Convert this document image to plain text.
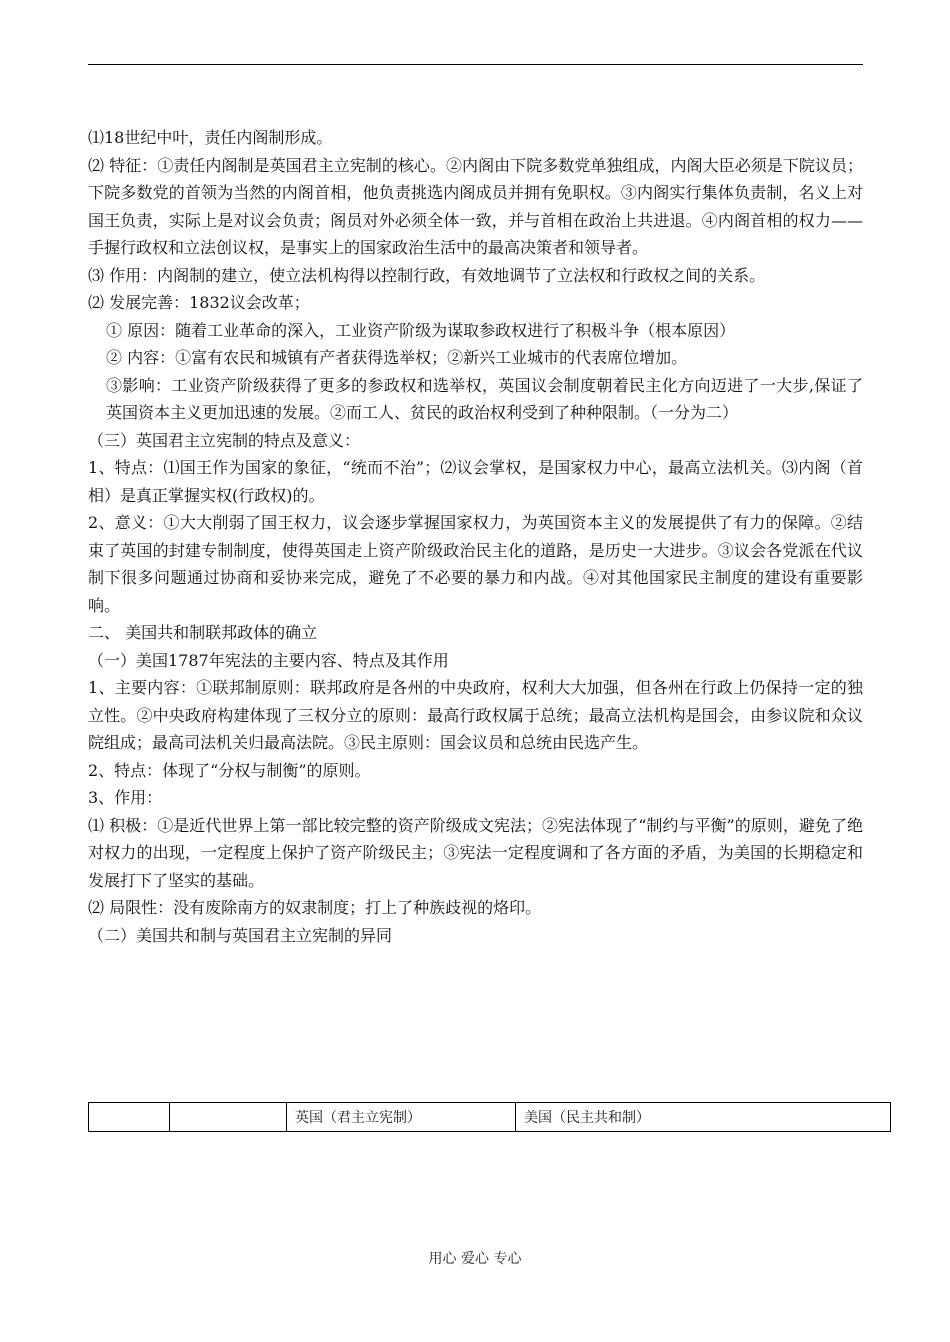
⑴18世纪中叶，责任内阁制形成。

⑵ 特征：①责任内阁制是英国君主立宪制的核心。②内阁由下院多数党单独组成，内阁大臣必须是下院议员；下院多数党的首领为当然的内阁首相，他负责挑选内阁成员并拥有免职权。③内阁实行集体负责制，名义上对国王负责，实际上是对议会负责；阁员对外必须全体一致，并与首相在政治上共进退。④内阁首相的权力——手握行政权和立法创议权，是事实上的国家政治生活中的最高决策者和领导者。

⑶ 作用：内阁制的建立，使立法机构得以控制行政，有效地调节了立法权和行政权之间的关系。

⑵ 发展完善：1832议会改革；

① 原因：随着工业革命的深入，工业资产阶级为谋取参政权进行了积极斗争（根本原因）

② 内容：①富有农民和城镇有产者获得选举权；②新兴工业城市的代表席位增加。

③影响：工业资产阶级获得了更多的参政权和选举权，英国议会制度朝着民主化方向迈进了一大步,保证了英国资本主义更加迅速的发展。②而工人、贫民的政治权利受到了种种限制。（一分为二）

（三）英国君主立宪制的特点及意义：

1、特点：⑴国王作为国家的象征，“统而不治”；⑵议会掌权，是国家权力中心，最高立法机关。⑶内阁（首相）是真正掌握实权(行政权)的。

2、意义：①大大削弱了国王权力，议会逐步掌握国家权力，为英国资本主义的发展提供了有力的保障。②结束了英国的封建专制制度，使得英国走上资产阶级政治民主化的道路，是历史一大进步。③议会各党派在代议制下很多问题通过协商和妥协来完成，避免了不必要的暴力和内战。④对其他国家民主制度的建设有重要影响。

二、 美国共和制联邦政体的确立

（一）美国1787年宪法的主要内容、特点及其作用

1、主要内容：①联邦制原则：联邦政府是各州的中央政府，权利大大加强，但各州在行政上仍保持一定的独立性。②中央政府构建体现了三权分立的原则：最高行政权属于总统；最高立法机构是国会，由参议院和众议院组成；最高司法机关归最高法院。③民主原则：国会议员和总统由民选产生。

2、特点：体现了“分权与制衡”的原则。

3、作用：

⑴ 积极：①是近代世界上第一部比较完整的资产阶级成文宪法；②宪法体现了“制约与平衡”的原则，避免了绝对权力的出现，一定程度上保护了资产阶级民主；③宪法一定程度调和了各方面的矛盾，为美国的长期稳定和发展打下了坚实的基础。

⑵ 局限性：没有废除南方的奴隶制度；打上了种族歧视的烙印。

（二）美国共和制与英国君主立宪制的异同

		英国（君主立宪制）	美国（民主共和制）
用心 爱心 专心
